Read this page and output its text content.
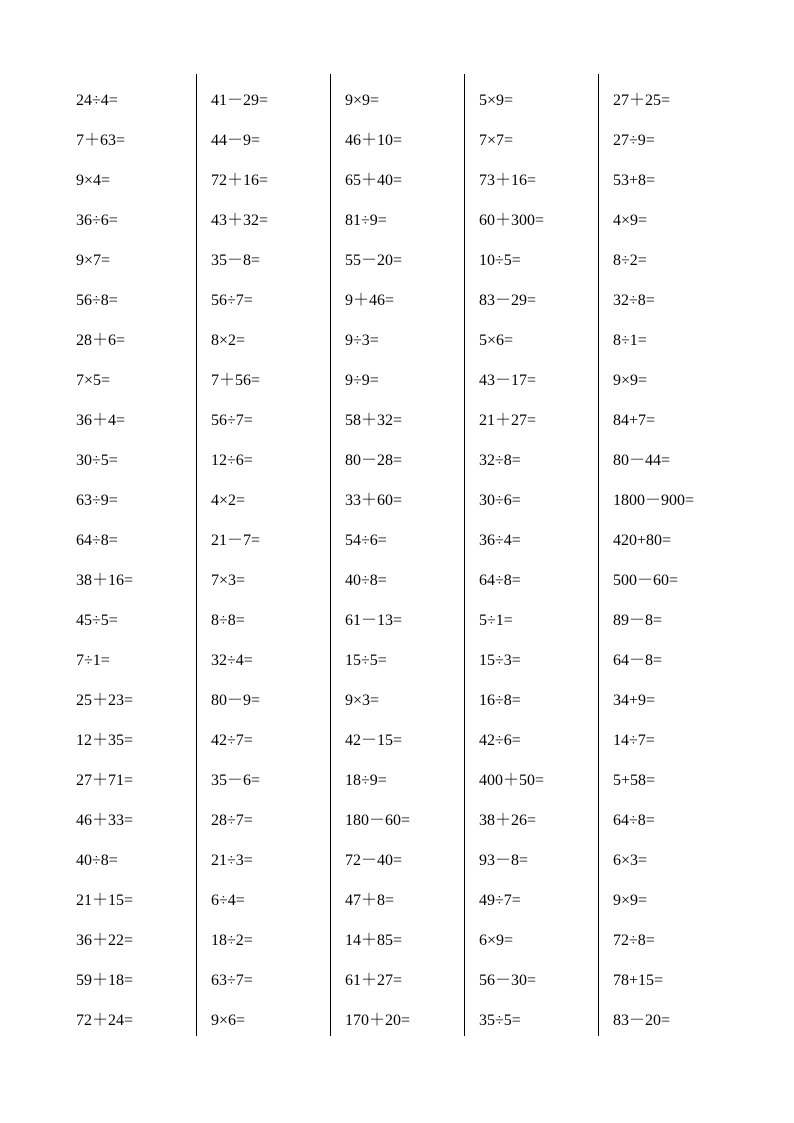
24÷4=
7＋63=
9×4=
36÷6=
9×7=
56÷8=
28＋6=
7×5=
36＋4=
30÷5=
63÷9=
64÷8=
38＋16=
45÷5=
7÷1=
25＋23=
12＋35=
27＋71=
46＋33=
40÷8=
21＋15=
36＋22=
59＋18=
72＋24=
41－29=
44－9=
72＋16=
43＋32=
35－8=
56÷7=
8×2=
7＋56=
56÷7=
12÷6=
4×2=
21－7=
7×3=
8÷8=
32÷4=
80－9=
42÷7=
35－6=
28÷7=
21÷3=
6÷4=
18÷2=
63÷7=
9×6=
9×9=
46＋10=
65＋40=
81÷9=
55－20=
9＋46=
9÷3=
9÷9=
58＋32=
80－28=
33＋60=
54÷6=
40÷8=
61－13=
15÷5=
9×3=
42－15=
18÷9=
180－60=
72－40=
47＋8=
14＋85=
61＋27=
170＋20=
5×9=
7×7=
73＋16=
60＋300=
10÷5=
83－29=
5×6=
43－17=
21＋27=
32÷8=
30÷6=
36÷4=
64÷8=
5÷1=
15÷3=
16÷8=
42÷6=
400＋50=
38＋26=
93－8=
49÷7=
6×9=
56－30=
35÷5=
27＋25=
27÷9=
53+8=
4×9=
8÷2=
32÷8=
8÷1=
9×9=
84+7=
80－44=
1800－900=
420+80=
500－60=
89－8=
64－8=
34+9=
14÷7=
5+58=
64÷8=
6×3=
9×9=
72÷8=
78+15=
83－20=
